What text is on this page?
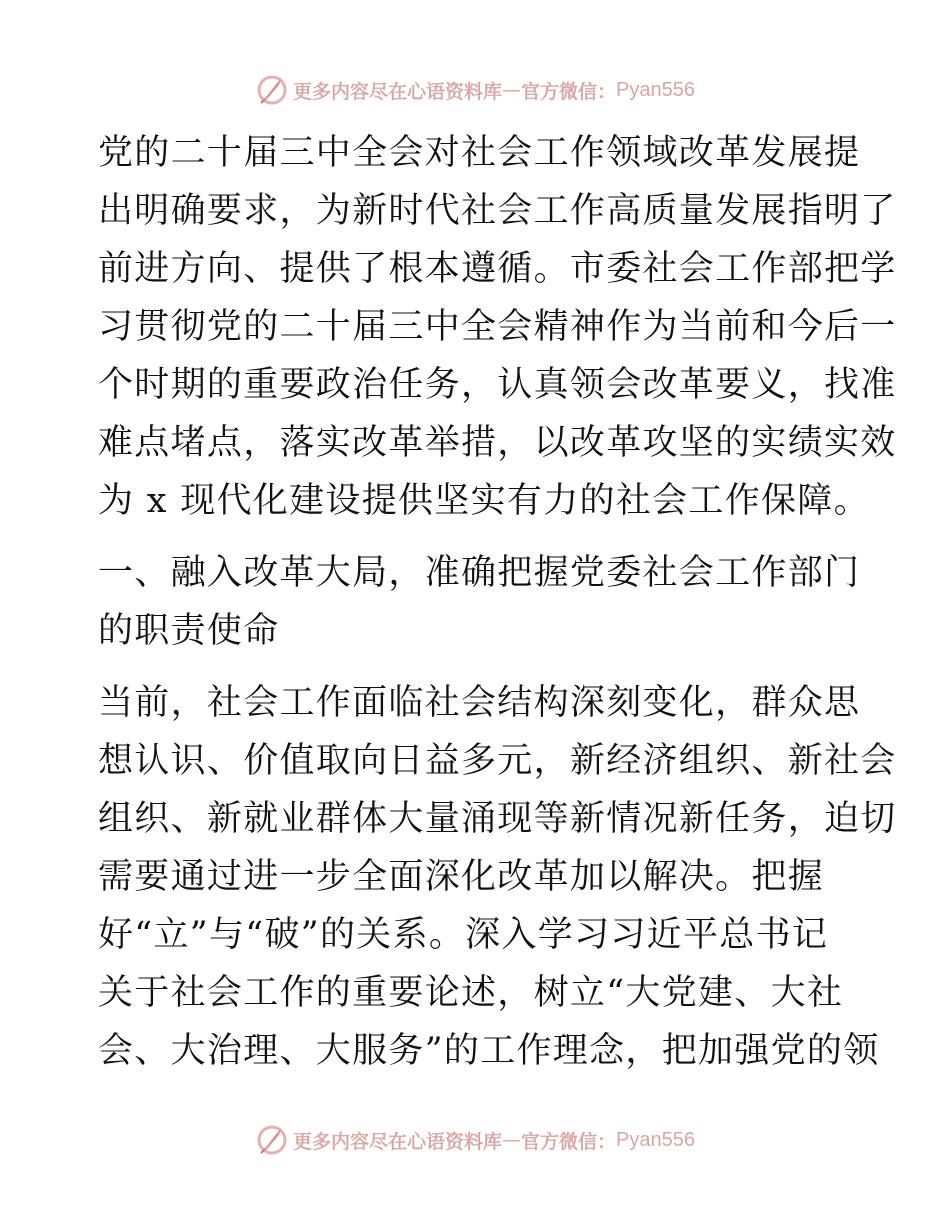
更多内容尽在心语资料库 — 官方微信： Pyan556
党的二十届三中全会对社会工作领域改革发展提
出明确要求，为新时代社会工作高质量发展指明了
前进方向、提供了根本遵循。市委社会工作部把学
习贯彻党的二十届三中全会精神作为当前和今后一
个时期的重要政治任务，认真领会改革要义，找准
难点堵点，落实改革举措，以改革攻坚的实绩实效
为 x 现代化建设提供坚实有力的社会工作保障。
一、融入改革大局，准确把握党委社会工作部门
的职责使命
当前，社会工作面临社会结构深刻变化，群众思
想认识、价值取向日益多元，新经济组织、新社会
组织、新就业群体大量涌现等新情况新任务，迫切
需要通过进一步全面深化改革加以解决。把握
好“立”与“破”的关系。深入学习习近平总书记
关于社会工作的重要论述，树立“大党建、大社
会、大治理、大服务”的工作理念，把加强党的领
更多内容尽在心语资料库 — 官方微信： Pyan556
